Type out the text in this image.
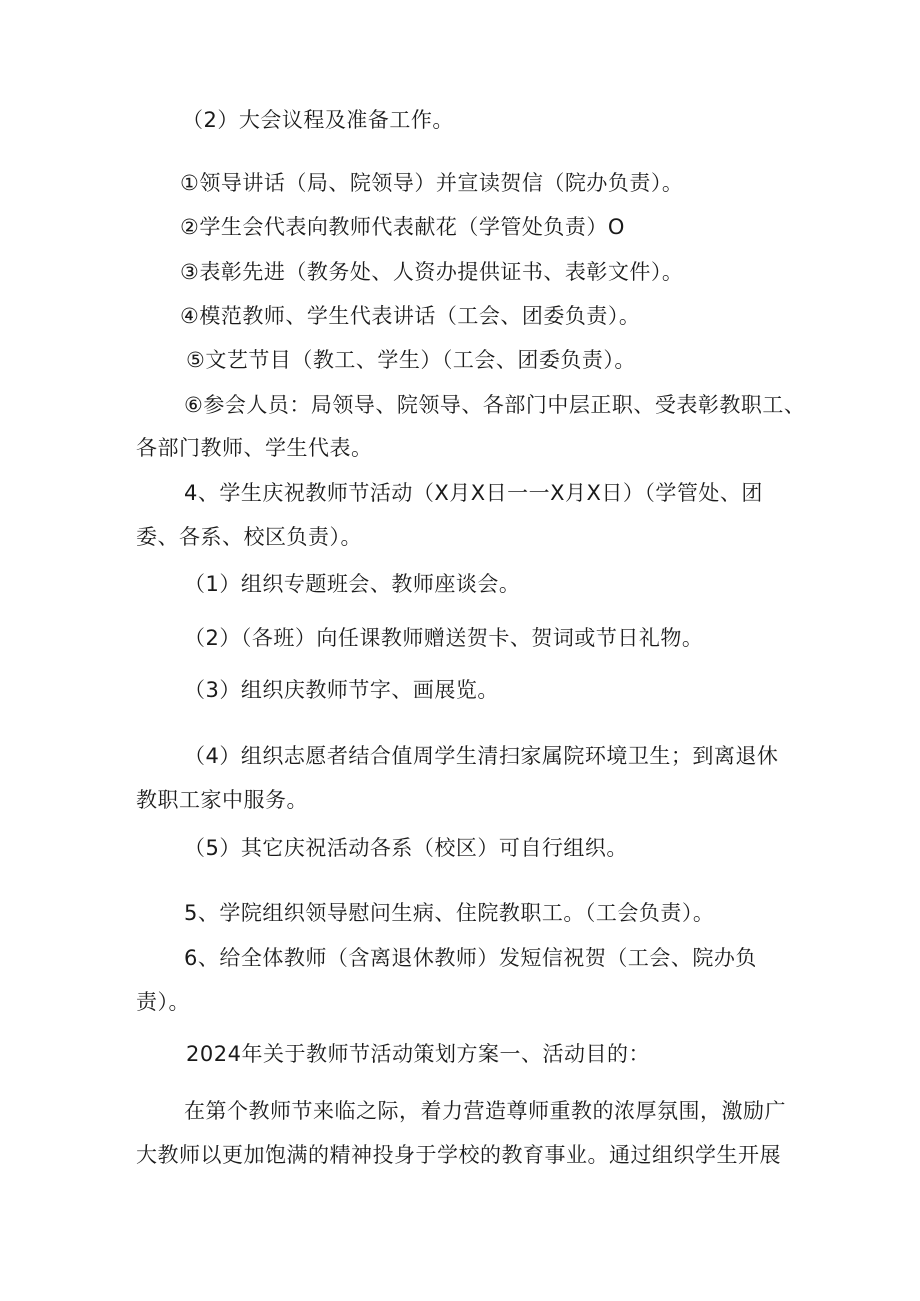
（2）大会议程及准备工作。
①领导讲话（局、院领导）并宣读贺信（院办负责）。
②学生会代表向教师代表献花（学管处负责）O
③表彰先进（教务处、人资办提供证书、表彰文件）。
④模范教师、学生代表讲话（工会、团委负责）。
⑤文艺节目（教工、学生）（工会、团委负责）。
⑥参会人员：局领导、院领导、各部门中层正职、受表彰教职工、
各部门教师、学生代表。
4、学生庆祝教师节活动（X月X日一一X月X日）（学管处、团
委、各系、校区负责）。
（1）组织专题班会、教师座谈会。
（2）（各班）向任课教师赠送贺卡、贺词或节日礼物。
（3）组织庆教师节字、画展览。
（4）组织志愿者结合值周学生清扫家属院环境卫生；到离退休
教职工家中服务。
（5）其它庆祝活动各系（校区）可自行组织。
5、学院组织领导慰问生病、住院教职工。（工会负责）。
6、给全体教师（含离退休教师）发短信祝贺（工会、院办负
责）。
2024年关于教师节活动策划方案一、活动目的：
在第个教师节来临之际，着力营造尊师重教的浓厚氛围，激励广
大教师以更加饱满的精神投身于学校的教育事业。通过组织学生开展
